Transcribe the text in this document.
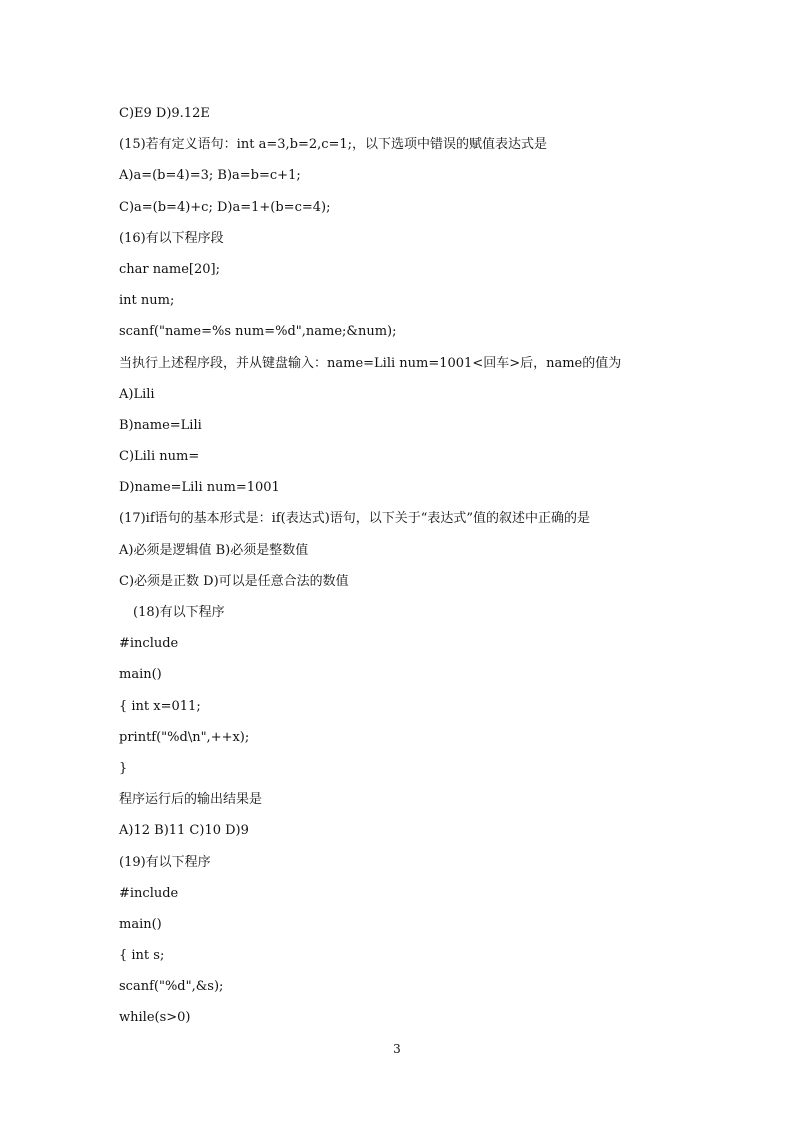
C)E9 D)9.12E
(15)若有定义语句：int a=3,b=2,c=1;，以下选项中错误的赋值表达式是
A)a=(b=4)=3; B)a=b=c+1;
C)a=(b=4)+c; D)a=1+(b=c=4);
(16)有以下程序段
char name[20];
int num;
scanf("name=%s num=%d",name;&num);
当执行上述程序段，并从键盘输入：name=Lili num=1001<回车>后，name的值为
A)Lili
B)name=Lili
C)Lili num=
D)name=Lili num=1001
(17)if语句的基本形式是：if(表达式)语句，以下关于“表达式”值的叙述中正确的是
A)必须是逻辑值 B)必须是整数值
C)必须是正数 D)可以是任意合法的数值
(18)有以下程序
#include
main()
{ int x=011;
printf("%d\n",++x);
}
程序运行后的输出结果是
A)12 B)11 C)10 D)9
(19)有以下程序
#include
main()
{ int s;
scanf("%d",&s);
while(s>0)
3
